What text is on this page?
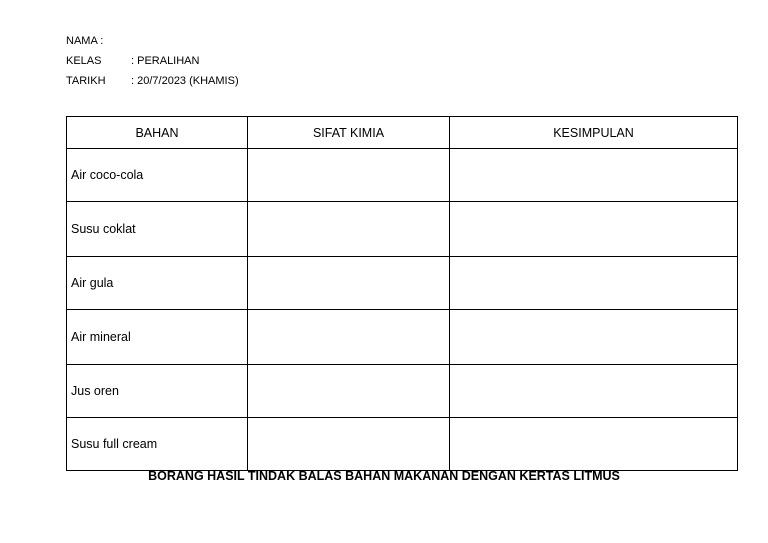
NAMA :
KELAS	: PERALIHAN
TARIKH	: 20/7/2023 (KHAMIS)
BAHAN	SIFAT KIMIA	KESIMPULAN
Air coco-cola		
Susu coklat		
Air gula		
Air mineral		
Jus oren		
Susu full cream		
BORANG HASIL TINDAK BALAS BAHAN MAKANAN DENGAN KERTAS LITMUS
